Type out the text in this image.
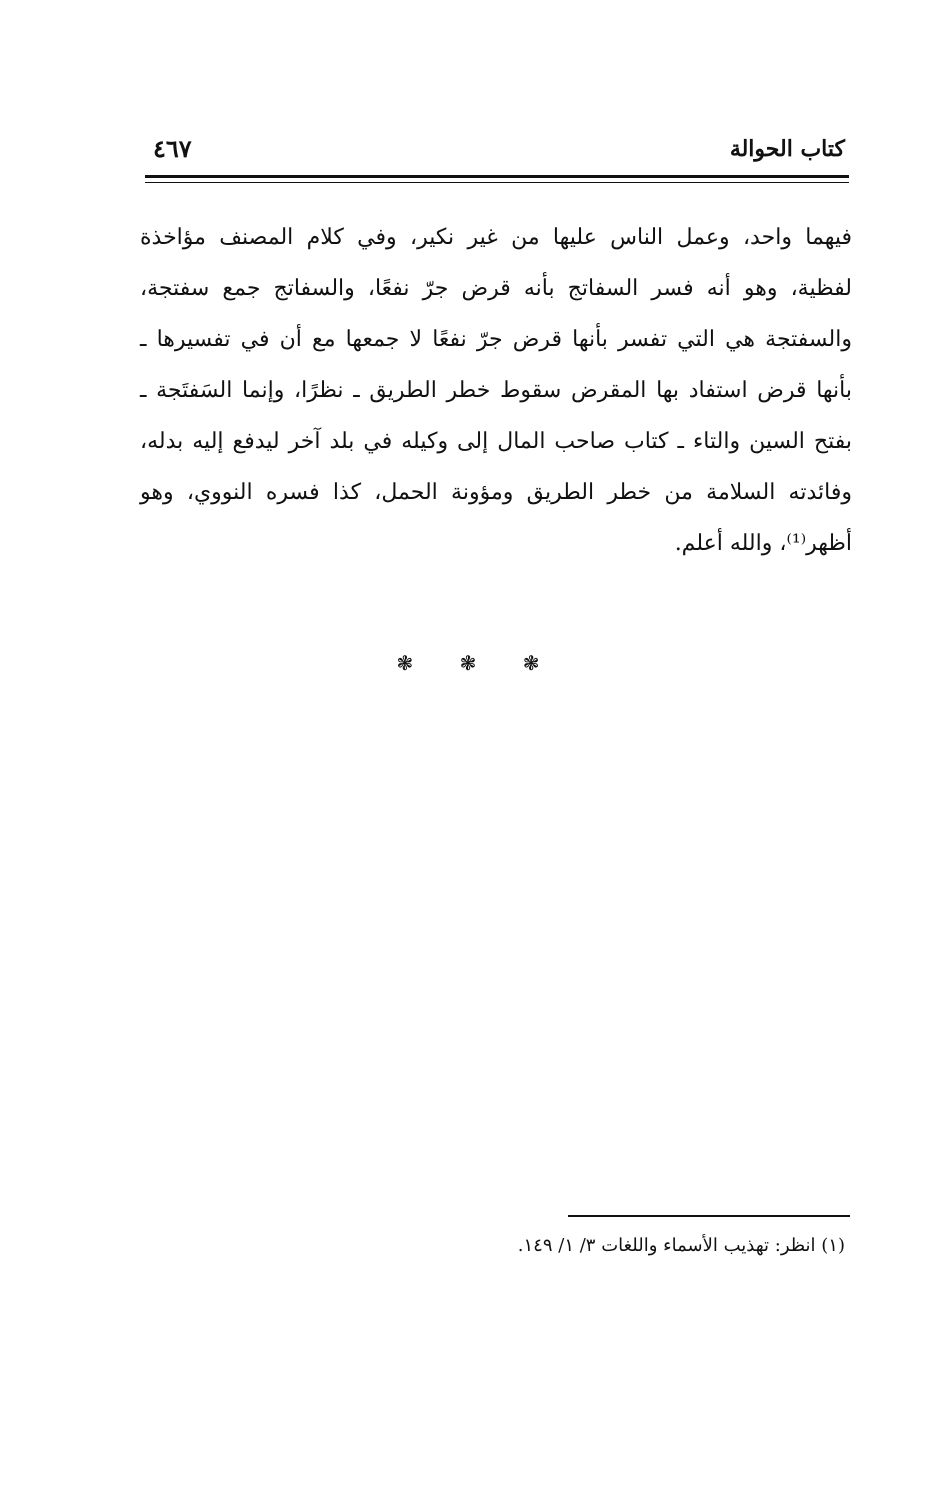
كتاب الحوالة
٤٦٧
فيهما واحد، وعمل الناس عليها من غير نكير، وفي كلام المصنف مؤاخذة
لفظية، وهو أنه فسر السفاتج بأنه قرض جرّ نفعًا، والسفاتج جمع سفتجة،
والسفتجة هي التي تفسر بأنها قرض جرّ نفعًا لا جمعها مع أن في تفسيرها ـ
بأنها قرض استفاد بها المقرض سقوط خطر الطريق ـ نظرًا، وإنما السَفتَجة ـ
بفتح السين والتاء ـ كتاب صاحب المال إلى وكيله في بلد آخر ليدفع إليه بدله،
وفائدته السلامة من خطر الطريق ومؤونة الحمل، كذا فسره النووي، وهو
أظهر⁽¹⁾، والله أعلم.
❃ ❃ ❃
(١) انظر: تهذيب الأسماء واللغات ٣/ ١/ ١٤٩.
